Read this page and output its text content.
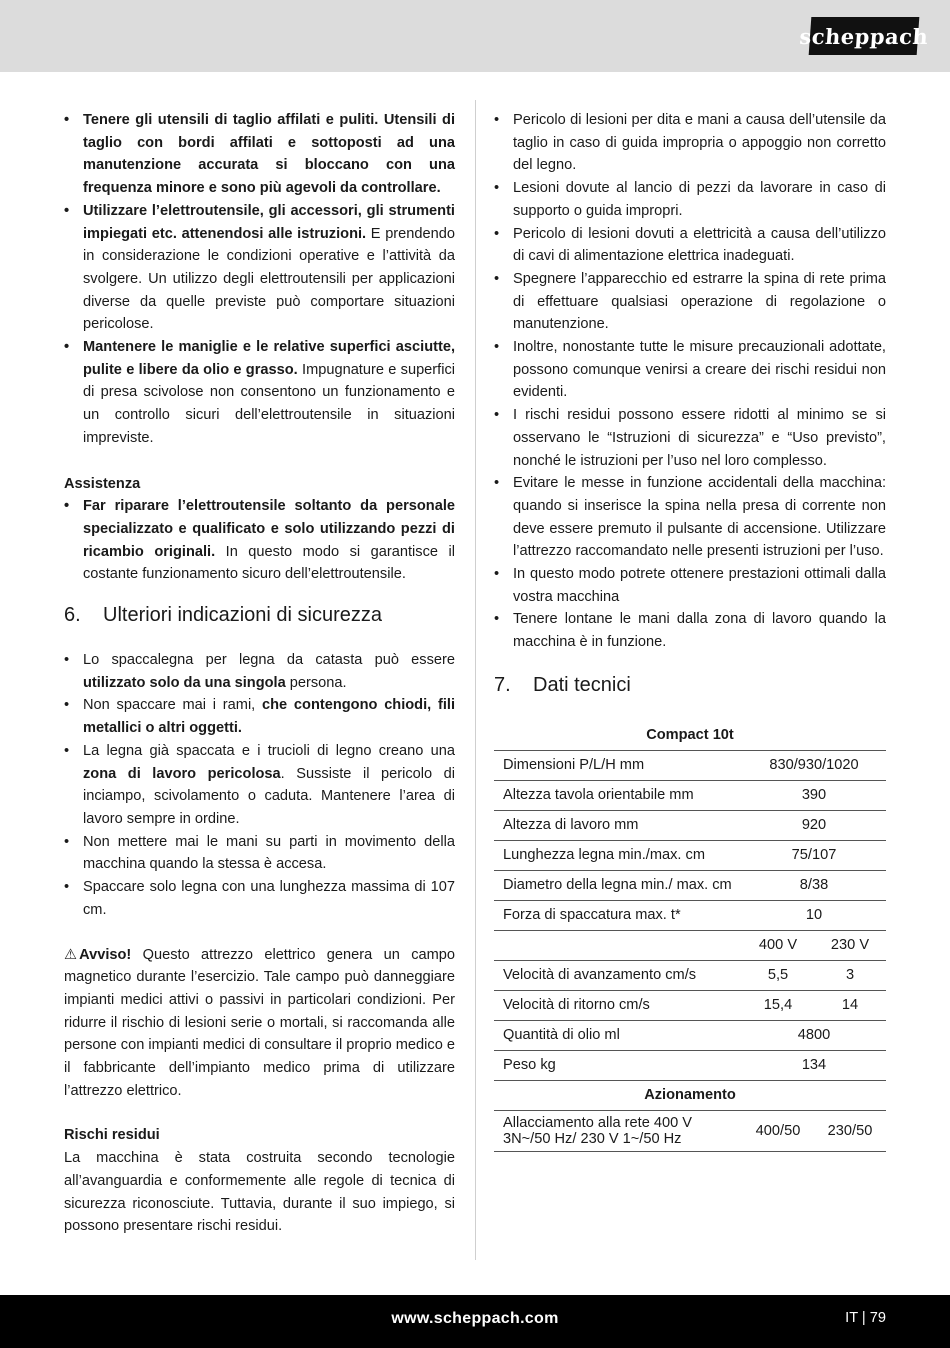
scheppach
• Tenere gli utensili di taglio affilati e puliti. Utensili di taglio con bordi affilati e sottoposti ad una manutenzione accurata si bloccano con una frequenza minore e sono più agevoli da controllare.
• Utilizzare l’elettroutensile, gli accessori, gli strumenti impiegati etc. attenendosi alle istruzioni. E prendendo in considerazione le condizioni operative e l’attività da svolgere. Un utilizzo degli elettroutensili per applicazioni diverse da quelle previste può comportare situazioni pericolose.
• Mantenere le maniglie e le relative superfici asciutte, pulite e libere da olio e grasso. Impugnature e superfici di presa scivolose non consentono un funzionamento e un controllo sicuri dell’elettroutensile in situazioni impreviste.
Assistenza
• Far riparare l’elettroutensile soltanto da personale specializzato e qualificato e solo utilizzando pezzi di ricambio originali. In questo modo si garantisce il costante funzionamento sicuro dell’elettroutensile.
6.	Ulteriori indicazioni di sicurezza
• Lo spaccalegna per legna da catasta può essere utilizzato solo da una singola persona.
• Non spaccare mai i rami, che contengono chiodi, fili metallici o altri oggetti.
• La legna già spaccata e i trucioli di legno creano una zona di lavoro pericolosa. Sussiste il pericolo di inciampo, scivolamento o caduta. Mantenere l’area di lavoro sempre in ordine.
• Non mettere mai le mani su parti in movimento della macchina quando la stessa è accesa.
• Spaccare solo legna con una lunghezza massima di 107 cm.
⚠ Avviso! Questo attrezzo elettrico genera un campo magnetico durante l’esercizio. Tale campo può danneggiare impianti medici attivi o passivi in particolari condizioni. Per ridurre il rischio di lesioni serie o mortali, si raccomanda alle persone con impianti medici di consultare il proprio medico e il fabbricante dell’impianto medico prima di utilizzare l’attrezzo elettrico.
Rischi residui
La macchina è stata costruita secondo tecnologie all’avanguardia e conformemente alle regole di tecnica di sicurezza riconosciute. Tuttavia, durante il suo impiego, si possono presentare rischi residui.
• Pericolo di lesioni per dita e mani a causa dell’utensile da taglio in caso di guida impropria o appoggio non corretto del legno.
• Lesioni dovute al lancio di pezzi da lavorare in caso di supporto o guida impropri.
• Pericolo di lesioni dovuti a elettricità a causa dell’utilizzo di cavi di alimentazione elettrica inadeguati.
• Spegnere l’apparecchio ed estrarre la spina di rete prima di effettuare qualsiasi operazione di regolazione o manutenzione.
• Inoltre, nonostante tutte le misure precauzionali adottate, possono comunque venirsi a creare dei rischi residui non evidenti.
• I rischi residui possono essere ridotti al minimo se si osservano le “Istruzioni di sicurezza” e “Uso previsto”, nonché le istruzioni per l’uso nel loro complesso.
• Evitare le messe in funzione accidentali della macchina: quando si inserisce la spina nella presa di corrente non deve essere premuto il pulsante di accensione. Utilizzare l’attrezzo raccomandato nelle presenti istruzioni per l’uso.
• In questo modo potrete ottenere prestazioni ottimali dalla vostra macchina
• Tenere lontane le mani dalla zona di lavoro quando la macchina è in funzione.
7.	Dati tecnici
Compact 10t		
Dimensioni P/L/H mm	830/930/1020	
Altezza tavola orientabile mm	390	
Altezza di lavoro mm	920	
Lunghezza legna min./max. cm	75/107	
Diametro della legna min./ max. cm	8/38	
Forza di spaccatura max. t*	10	
	400 V	230 V
Velocità di avanzamento cm/s	5,5	3
Velocità di ritorno cm/s	15,4	14
Quantità di olio ml	4800	
Peso kg	134	
Azionamento		
Allacciamento alla rete 400 V 3N~/50 Hz/ 230 V 1~/50 Hz	400/50	230/50
www.scheppach.com	IT | 79
